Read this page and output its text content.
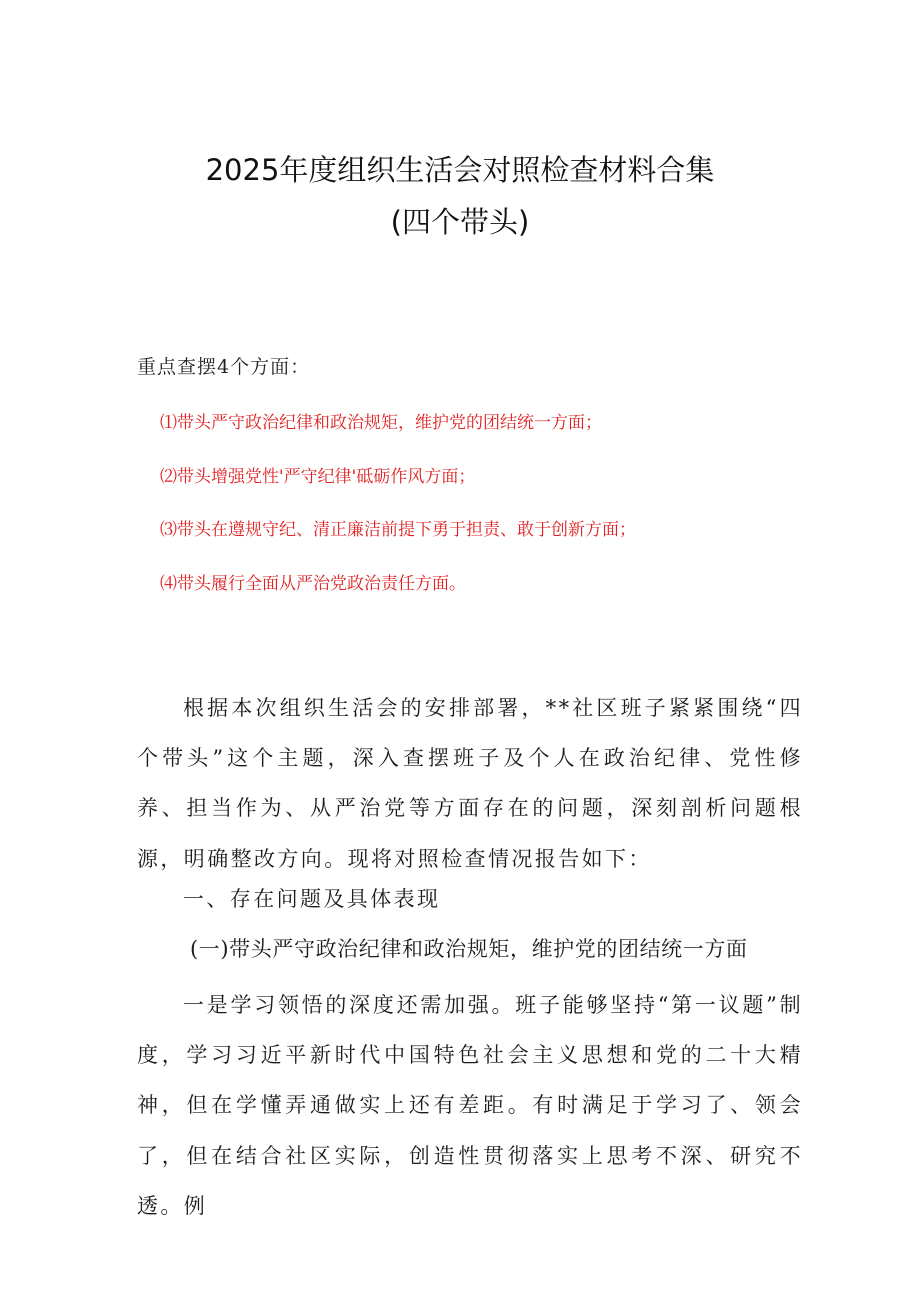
2025年度组织生活会对照检查材料合集
(四个带头)
重点查摆4个方面：
⑴带头严守政治纪律和政治规矩，维护党的团结统一方面；
⑵带头增强党性'严守纪律'砥砺作风方面；
⑶带头在遵规守纪、清正廉洁前提下勇于担责、敢于创新方面；
⑷带头履行全面从严治党政治责任方面。

根据本次组织生活会的安排部署，**社区班子紧紧围绕“四个带头”这个主题，深入查摆班子及个人在政治纪律、党性修养、担当作为、从严治党等方面存在的问题，深刻剖析问题根源，明确整改方向。现将对照检查情况报告如下：

一、存在问题及具体表现

(一)带头严守政治纪律和政治规矩，维护党的团结统一方面

一是学习领悟的深度还需加强。班子能够坚持“第一议题”制度，学习习近平新时代中国特色社会主义思想和党的二十大精神，但在学懂弄通做实上还有差距。有时满足于学习了、领会了，但在结合社区实际，创造性贯彻落实上思考不深、研究不透。例
